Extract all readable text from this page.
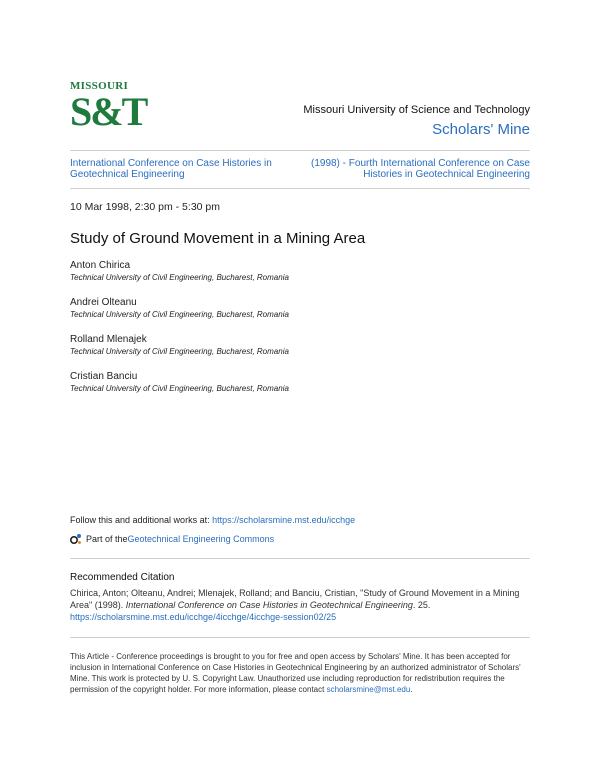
MISSOURI
S&T	Missouri University of Science and Technology
Scholars' Mine
International Conference on Case Histories in Geotechnical Engineering
(1998) - Fourth International Conference on Case Histories in Geotechnical Engineering
10 Mar 1998, 2:30 pm - 5:30 pm
Study of Ground Movement in a Mining Area
Anton Chirica
Technical University of Civil Engineering, Bucharest, Romania
Andrei Olteanu
Technical University of Civil Engineering, Bucharest, Romania
Rolland Mlenajek
Technical University of Civil Engineering, Bucharest, Romania
Cristian Banciu
Technical University of Civil Engineering, Bucharest, Romania
Follow this and additional works at: https://scholarsmine.mst.edu/icchge
Part of the Geotechnical Engineering Commons
Recommended Citation
Chirica, Anton; Olteanu, Andrei; Mlenajek, Rolland; and Banciu, Cristian, "Study of Ground Movement in a Mining Area" (1998). International Conference on Case Histories in Geotechnical Engineering. 25.
https://scholarsmine.mst.edu/icchge/4icchge/4icchge-session02/25
This Article - Conference proceedings is brought to you for free and open access by Scholars' Mine. It has been accepted for inclusion in International Conference on Case Histories in Geotechnical Engineering by an authorized administrator of Scholars' Mine. This work is protected by U. S. Copyright Law. Unauthorized use including reproduction for redistribution requires the permission of the copyright holder. For more information, please contact scholarsmine@mst.edu.
